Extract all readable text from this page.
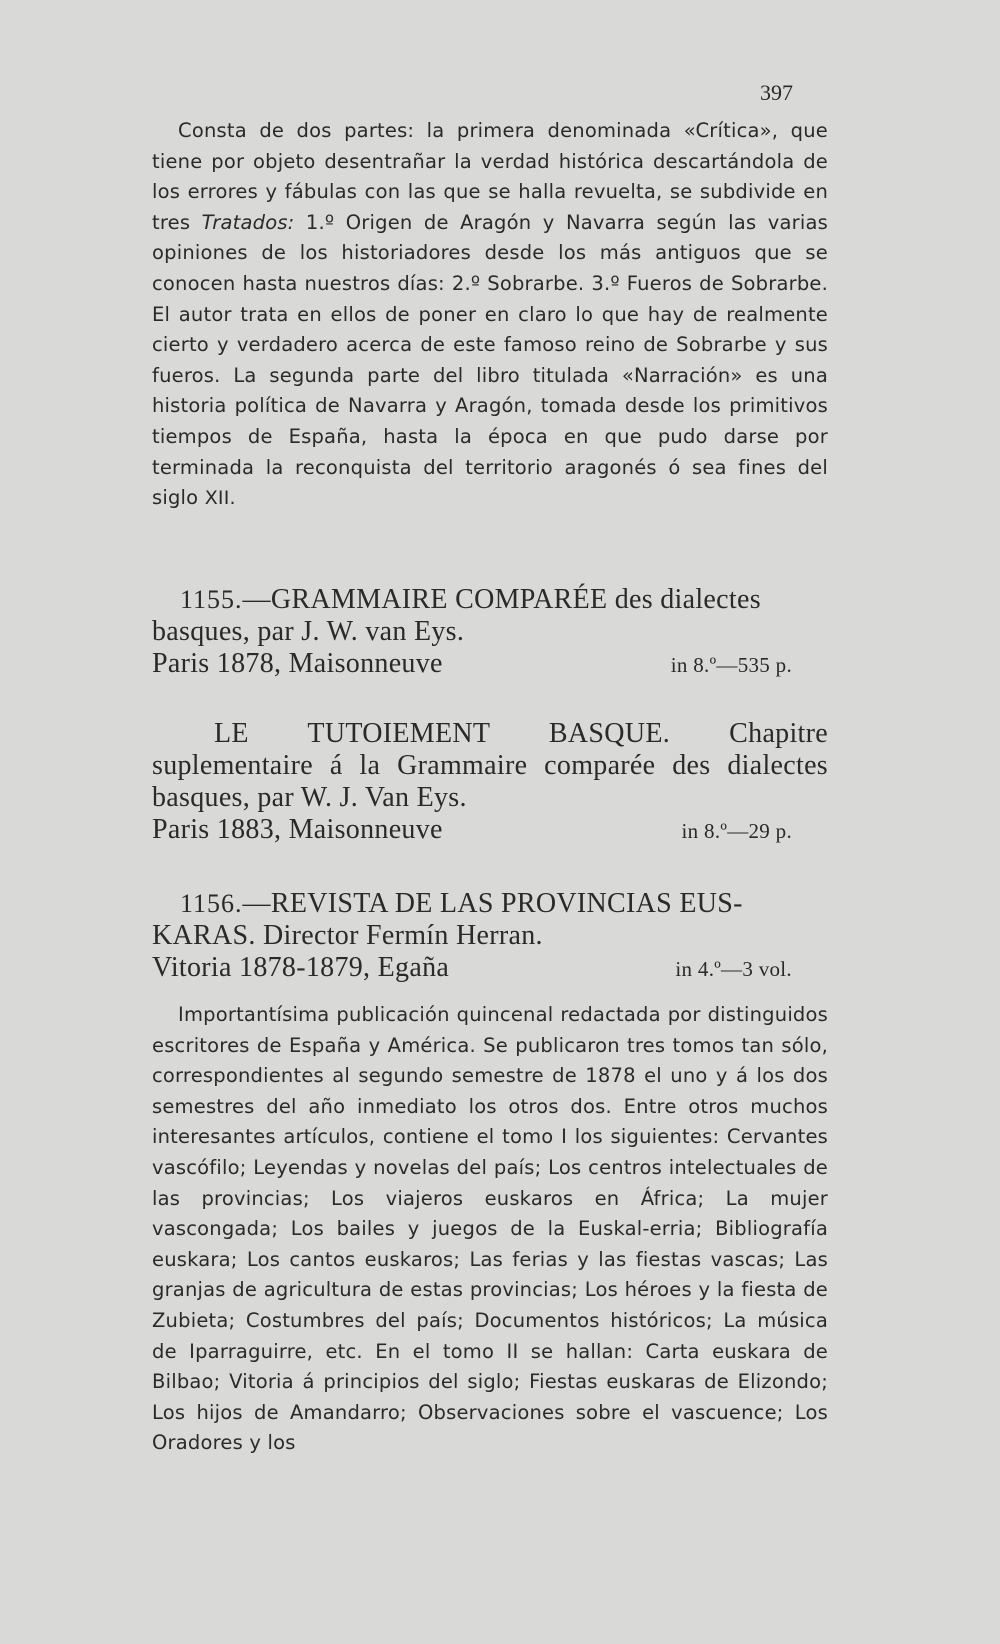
397
Consta de dos partes: la primera denominada «Crítica», que tiene por objeto desentrañar la verdad histórica descartándola de los errores y fábulas con las que se halla revuelta, se subdivide en tres Tratados: 1.º Origen de Aragón y Navarra según las varias opiniones de los historiadores desde los más antiguos que se conocen hasta nuestros días: 2.º Sobrarbe. 3.º Fueros de Sobrarbe. El autor trata en ellos de poner en claro lo que hay de realmente cierto y verdadero acerca de este famoso reino de Sobrarbe y sus fueros. La segunda parte del libro titulada «Narración» es una historia política de Navarra y Aragón, tomada desde los primitivos tiempos de España, hasta la época en que pudo darse por terminada la reconquista del territorio aragonés ó sea fines del siglo XII.
1155.—GRAMMAIRE COMPARÉE des dialectes
basques, par J. W. van Eys.
Paris 1878, Maisonneuve	in 8.º—535 p.
LE TUTOIEMENT BASQUE. Chapitre suplementaire á la Grammaire comparée des dialectes basques, par W. J. Van Eys.
Paris 1883, Maisonneuve	in 8.º—29 p.
1156.—REVISTA DE LAS PROVINCIAS EUS-
KARAS. Director Fermín Herran.
Vitoria 1878-1879, Egaña	in 4.º—3 vol.
Importantísima publicación quincenal redactada por distinguidos escritores de España y América. Se publicaron tres tomos tan sólo, correspondientes al segundo semestre de 1878 el uno y á los dos semestres del año inmediato los otros dos. Entre otros muchos interesantes artículos, contiene el tomo I los siguientes: Cervantes vascófilo; Leyendas y novelas del país; Los centros intelectuales de las provincias; Los viajeros euskaros en África; La mujer vascongada; Los bailes y juegos de la Euskal-erria; Bibliografía euskara; Los cantos euskaros; Las ferias y las fiestas vascas; Las granjas de agricultura de estas provincias; Los héroes y la fiesta de Zubieta; Costumbres del país; Documentos históricos; La música de Iparraguirre, etc. En el tomo II se hallan: Carta euskara de Bilbao; Vitoria á principios del siglo; Fiestas euskaras de Elizondo; Los hijos de Amandarro; Observaciones sobre el vascuence; Los Oradores y los
